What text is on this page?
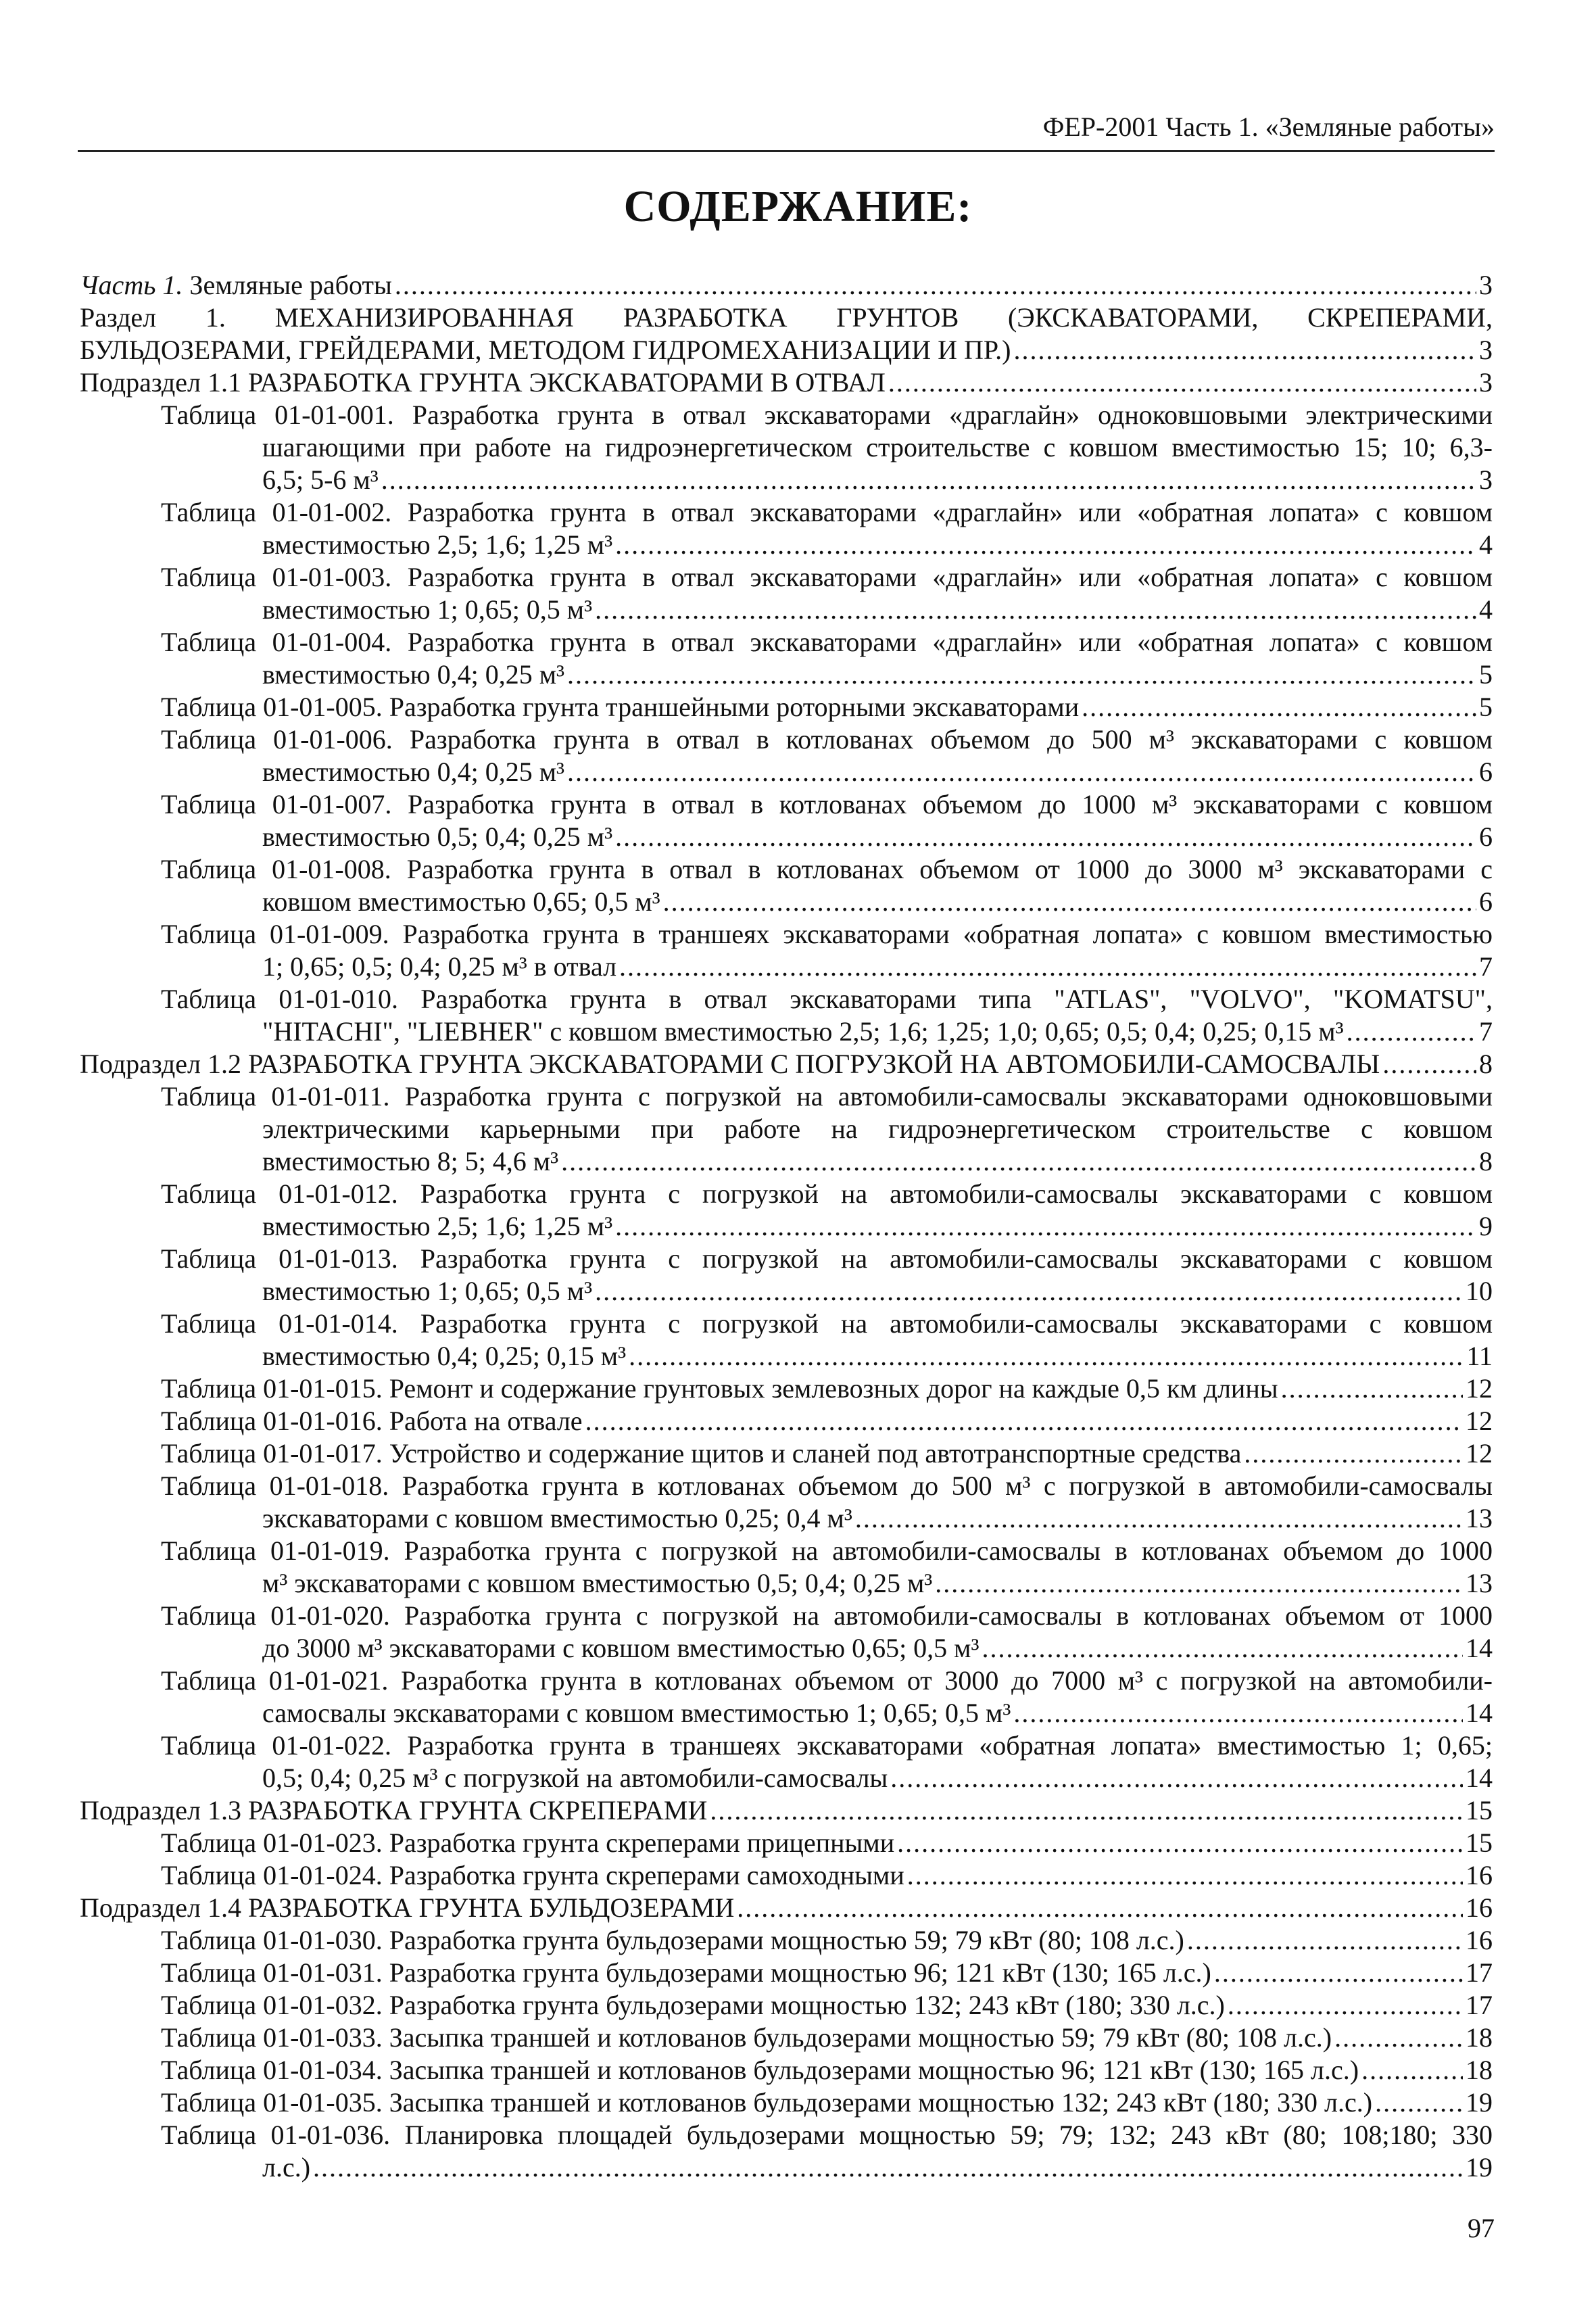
ФЕР-2001 Часть 1. «Земляные работы»
СОДЕРЖАНИЕ:
Часть 1. Земляные работы .....	3
Раздел 1. МЕХАНИЗИРОВАННАЯ РАЗРАБОТКА ГРУНТОВ (ЭКСКАВАТОРАМИ, СКРЕПЕРАМИ,
БУЛЬДОЗЕРАМИ, ГРЕЙДЕРАМИ, МЕТОДОМ ГИДРОМЕХАНИЗАЦИИ И ПР.) .....	3
Подраздел 1.1 РАЗРАБОТКА ГРУНТА ЭКСКАВАТОРАМИ В ОТВАЛ .....	3
Таблица 01-01-001. Разработка грунта в отвал экскаваторами «драглайн» одноковшовыми электрическими
шагающими при работе на гидроэнергетическом строительстве с ковшом вместимостью 15; 10; 6,3-
6,5; 5-6 м³ .....	3
Таблица 01-01-002. Разработка грунта в отвал экскаваторами «драглайн» или «обратная лопата» с ковшом
вместимостью 2,5; 1,6; 1,25 м³ .....	4
Таблица 01-01-003. Разработка грунта в отвал экскаваторами «драглайн» или «обратная лопата» с ковшом
вместимостью 1; 0,65; 0,5 м³ .....	4
Таблица 01-01-004. Разработка грунта в отвал экскаваторами «драглайн» или «обратная лопата» с ковшом
вместимостью 0,4; 0,25 м³ .....	5
Таблица 01-01-005. Разработка грунта траншейными роторными экскаваторами .....	5
Таблица 01-01-006. Разработка грунта в отвал в котлованах объемом до 500 м³ экскаваторами с ковшом
вместимостью 0,4; 0,25 м³ .....	6
Таблица 01-01-007. Разработка грунта в отвал в котлованах объемом до 1000 м³ экскаваторами с ковшом
вместимостью 0,5; 0,4; 0,25 м³ .....	6
Таблица 01-01-008. Разработка грунта в отвал в котлованах объемом от 1000 до 3000 м³ экскаваторами с
ковшом вместимостью 0,65; 0,5 м³ .....	6
Таблица 01-01-009. Разработка грунта в траншеях экскаваторами «обратная лопата» с ковшом вместимостью
1; 0,65; 0,5; 0,4; 0,25 м³ в отвал .....	7
Таблица 01-01-010. Разработка грунта в отвал экскаваторами типа "ATLAS", "VOLVO", "KOMATSU",
"HITACHI", "LIEBHER" с ковшом вместимостью 2,5; 1,6; 1,25; 1,0; 0,65; 0,5; 0,4; 0,25; 0,15 м³ .....	7
Подраздел 1.2 РАЗРАБОТКА ГРУНТА ЭКСКАВАТОРАМИ С ПОГРУЗКОЙ НА АВТОМОБИЛИ-САМОСВАЛЫ .....	8
Таблица 01-01-011. Разработка грунта с погрузкой на автомобили-самосвалы экскаваторами одноковшовыми
электрическими карьерными при работе на гидроэнергетическом строительстве с ковшом
вместимостью 8; 5; 4,6 м³ .....	8
Таблица 01-01-012. Разработка грунта с погрузкой на автомобили-самосвалы экскаваторами с ковшом
вместимостью 2,5; 1,6; 1,25 м³ .....	9
Таблица 01-01-013. Разработка грунта с погрузкой на автомобили-самосвалы экскаваторами с ковшом
вместимостью 1; 0,65; 0,5 м³ .....	10
Таблица 01-01-014. Разработка грунта с погрузкой на автомобили-самосвалы экскаваторами с ковшом
вместимостью 0,4; 0,25; 0,15 м³ .....	11
Таблица 01-01-015. Ремонт и содержание грунтовых землевозных дорог на каждые 0,5 км длины .....	12
Таблица 01-01-016. Работа на отвале .....	12
Таблица 01-01-017. Устройство и содержание щитов и сланей под автотранспортные средства .....	12
Таблица 01-01-018. Разработка грунта в котлованах объемом до 500 м³ с погрузкой в автомобили-самосвалы
экскаваторами с ковшом вместимостью 0,25; 0,4 м³ .....	13
Таблица 01-01-019. Разработка грунта с погрузкой на автомобили-самосвалы в котлованах объемом до 1000
м³ экскаваторами с ковшом вместимостью 0,5; 0,4; 0,25 м³ .....	13
Таблица 01-01-020. Разработка грунта с погрузкой на автомобили-самосвалы в котлованах объемом от 1000
до 3000 м³ экскаваторами с ковшом вместимостью 0,65; 0,5 м³ .....	14
Таблица 01-01-021. Разработка грунта в котлованах объемом от 3000 до 7000 м³ с погрузкой на автомобили-
самосвалы экскаваторами с ковшом вместимостью 1; 0,65; 0,5 м³ .....	14
Таблица 01-01-022. Разработка грунта в траншеях экскаваторами «обратная лопата» вместимостью 1; 0,65;
0,5; 0,4; 0,25 м³ с погрузкой на автомобили-самосвалы .....	14
Подраздел 1.3 РАЗРАБОТКА ГРУНТА СКРЕПЕРАМИ .....	15
Таблица 01-01-023. Разработка грунта скреперами прицепными .....	15
Таблица 01-01-024. Разработка грунта скреперами самоходными .....	16
Подраздел 1.4 РАЗРАБОТКА ГРУНТА БУЛЬДОЗЕРАМИ .....	16
Таблица 01-01-030. Разработка грунта бульдозерами мощностью 59; 79 кВт (80; 108 л.с.) .....	16
Таблица 01-01-031. Разработка грунта бульдозерами мощностью 96; 121 кВт (130; 165 л.с.) .....	17
Таблица 01-01-032. Разработка грунта бульдозерами мощностью 132; 243 кВт (180; 330 л.с.) .....	17
Таблица 01-01-033. Засыпка траншей и котлованов бульдозерами мощностью 59; 79 кВт (80; 108 л.с.) .....	18
Таблица 01-01-034. Засыпка траншей и котлованов бульдозерами мощностью 96; 121 кВт (130; 165 л.с.) .....	18
Таблица 01-01-035. Засыпка траншей и котлованов бульдозерами мощностью 132; 243 кВт (180; 330 л.с.) .....	19
Таблица 01-01-036. Планировка площадей бульдозерами мощностью 59; 79; 132; 243 кВт (80; 108;180; 330
л.с.) .....	19
97
